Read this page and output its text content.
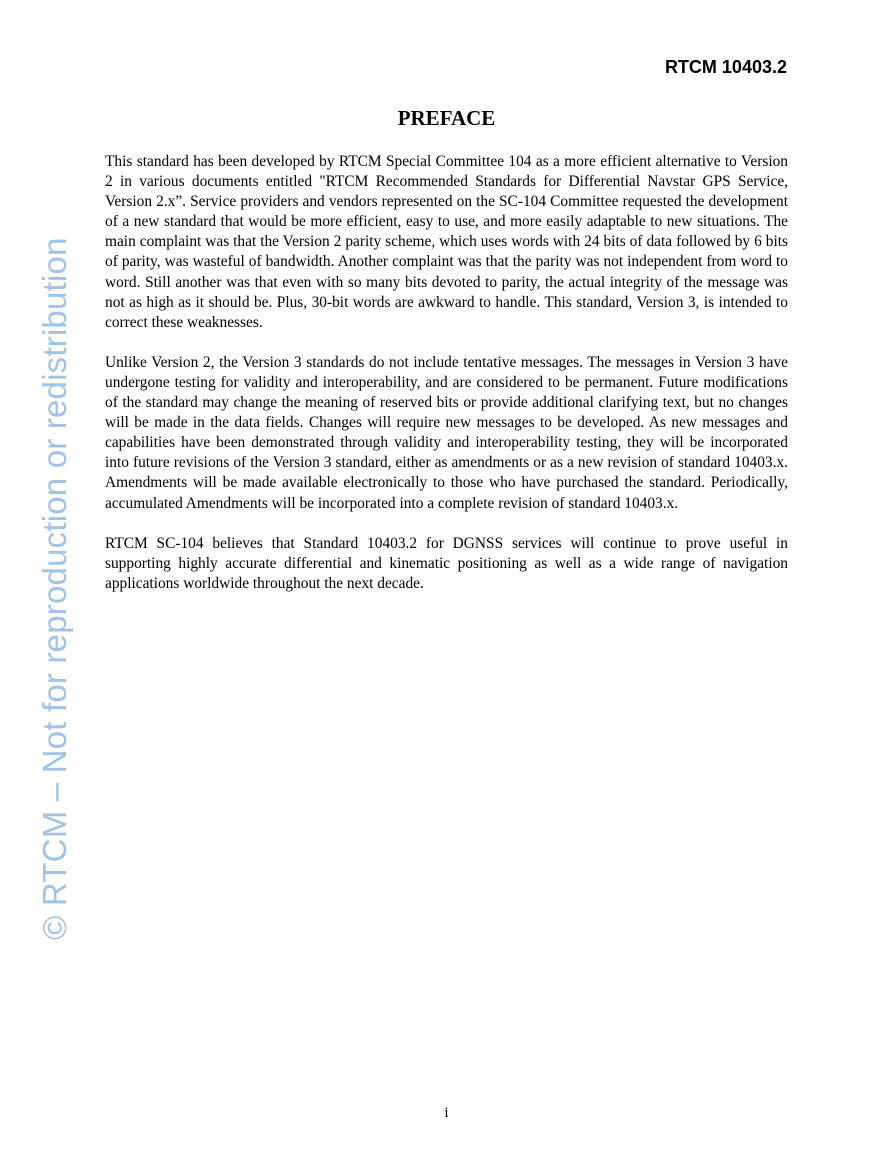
RTCM 10403.2
PREFACE

This standard has been developed by RTCM Special Committee 104 as a more efficient alternative to Version 2 in various documents entitled "RTCM Recommended Standards for Differential Navstar GPS Service, Version 2.x”. Service providers and vendors represented on the SC-104 Committee requested the development of a new standard that would be more efficient, easy to use, and more easily adaptable to new situations. The main complaint was that the Version 2 parity scheme, which uses words with 24 bits of data followed by 6 bits of parity, was wasteful of bandwidth. Another complaint was that the parity was not independent from word to word. Still another was that even with so many bits devoted to parity, the actual integrity of the message was not as high as it should be. Plus, 30-bit words are awkward to handle. This standard, Version 3, is intended to correct these weaknesses.

Unlike Version 2, the Version 3 standards do not include tentative messages. The messages in Version 3 have undergone testing for validity and interoperability, and are considered to be permanent. Future modifications of the standard may change the meaning of reserved bits or provide additional clarifying text, but no changes will be made in the data fields. Changes will require new messages to be developed. As new messages and capabilities have been demonstrated through validity and interoperability testing, they will be incorporated into future revisions of the Version 3 standard, either as amendments or as a new revision of standard 10403.x. Amendments will be made available electronically to those who have purchased the standard. Periodically, accumulated Amendments will be incorporated into a complete revision of standard 10403.x.

RTCM SC-104 believes that Standard 10403.2 for DGNSS services will continue to prove useful in supporting highly accurate differential and kinematic positioning as well as a wide range of navigation applications worldwide throughout the next decade.

© RTCM – Not for reproduction or redistribution
i
